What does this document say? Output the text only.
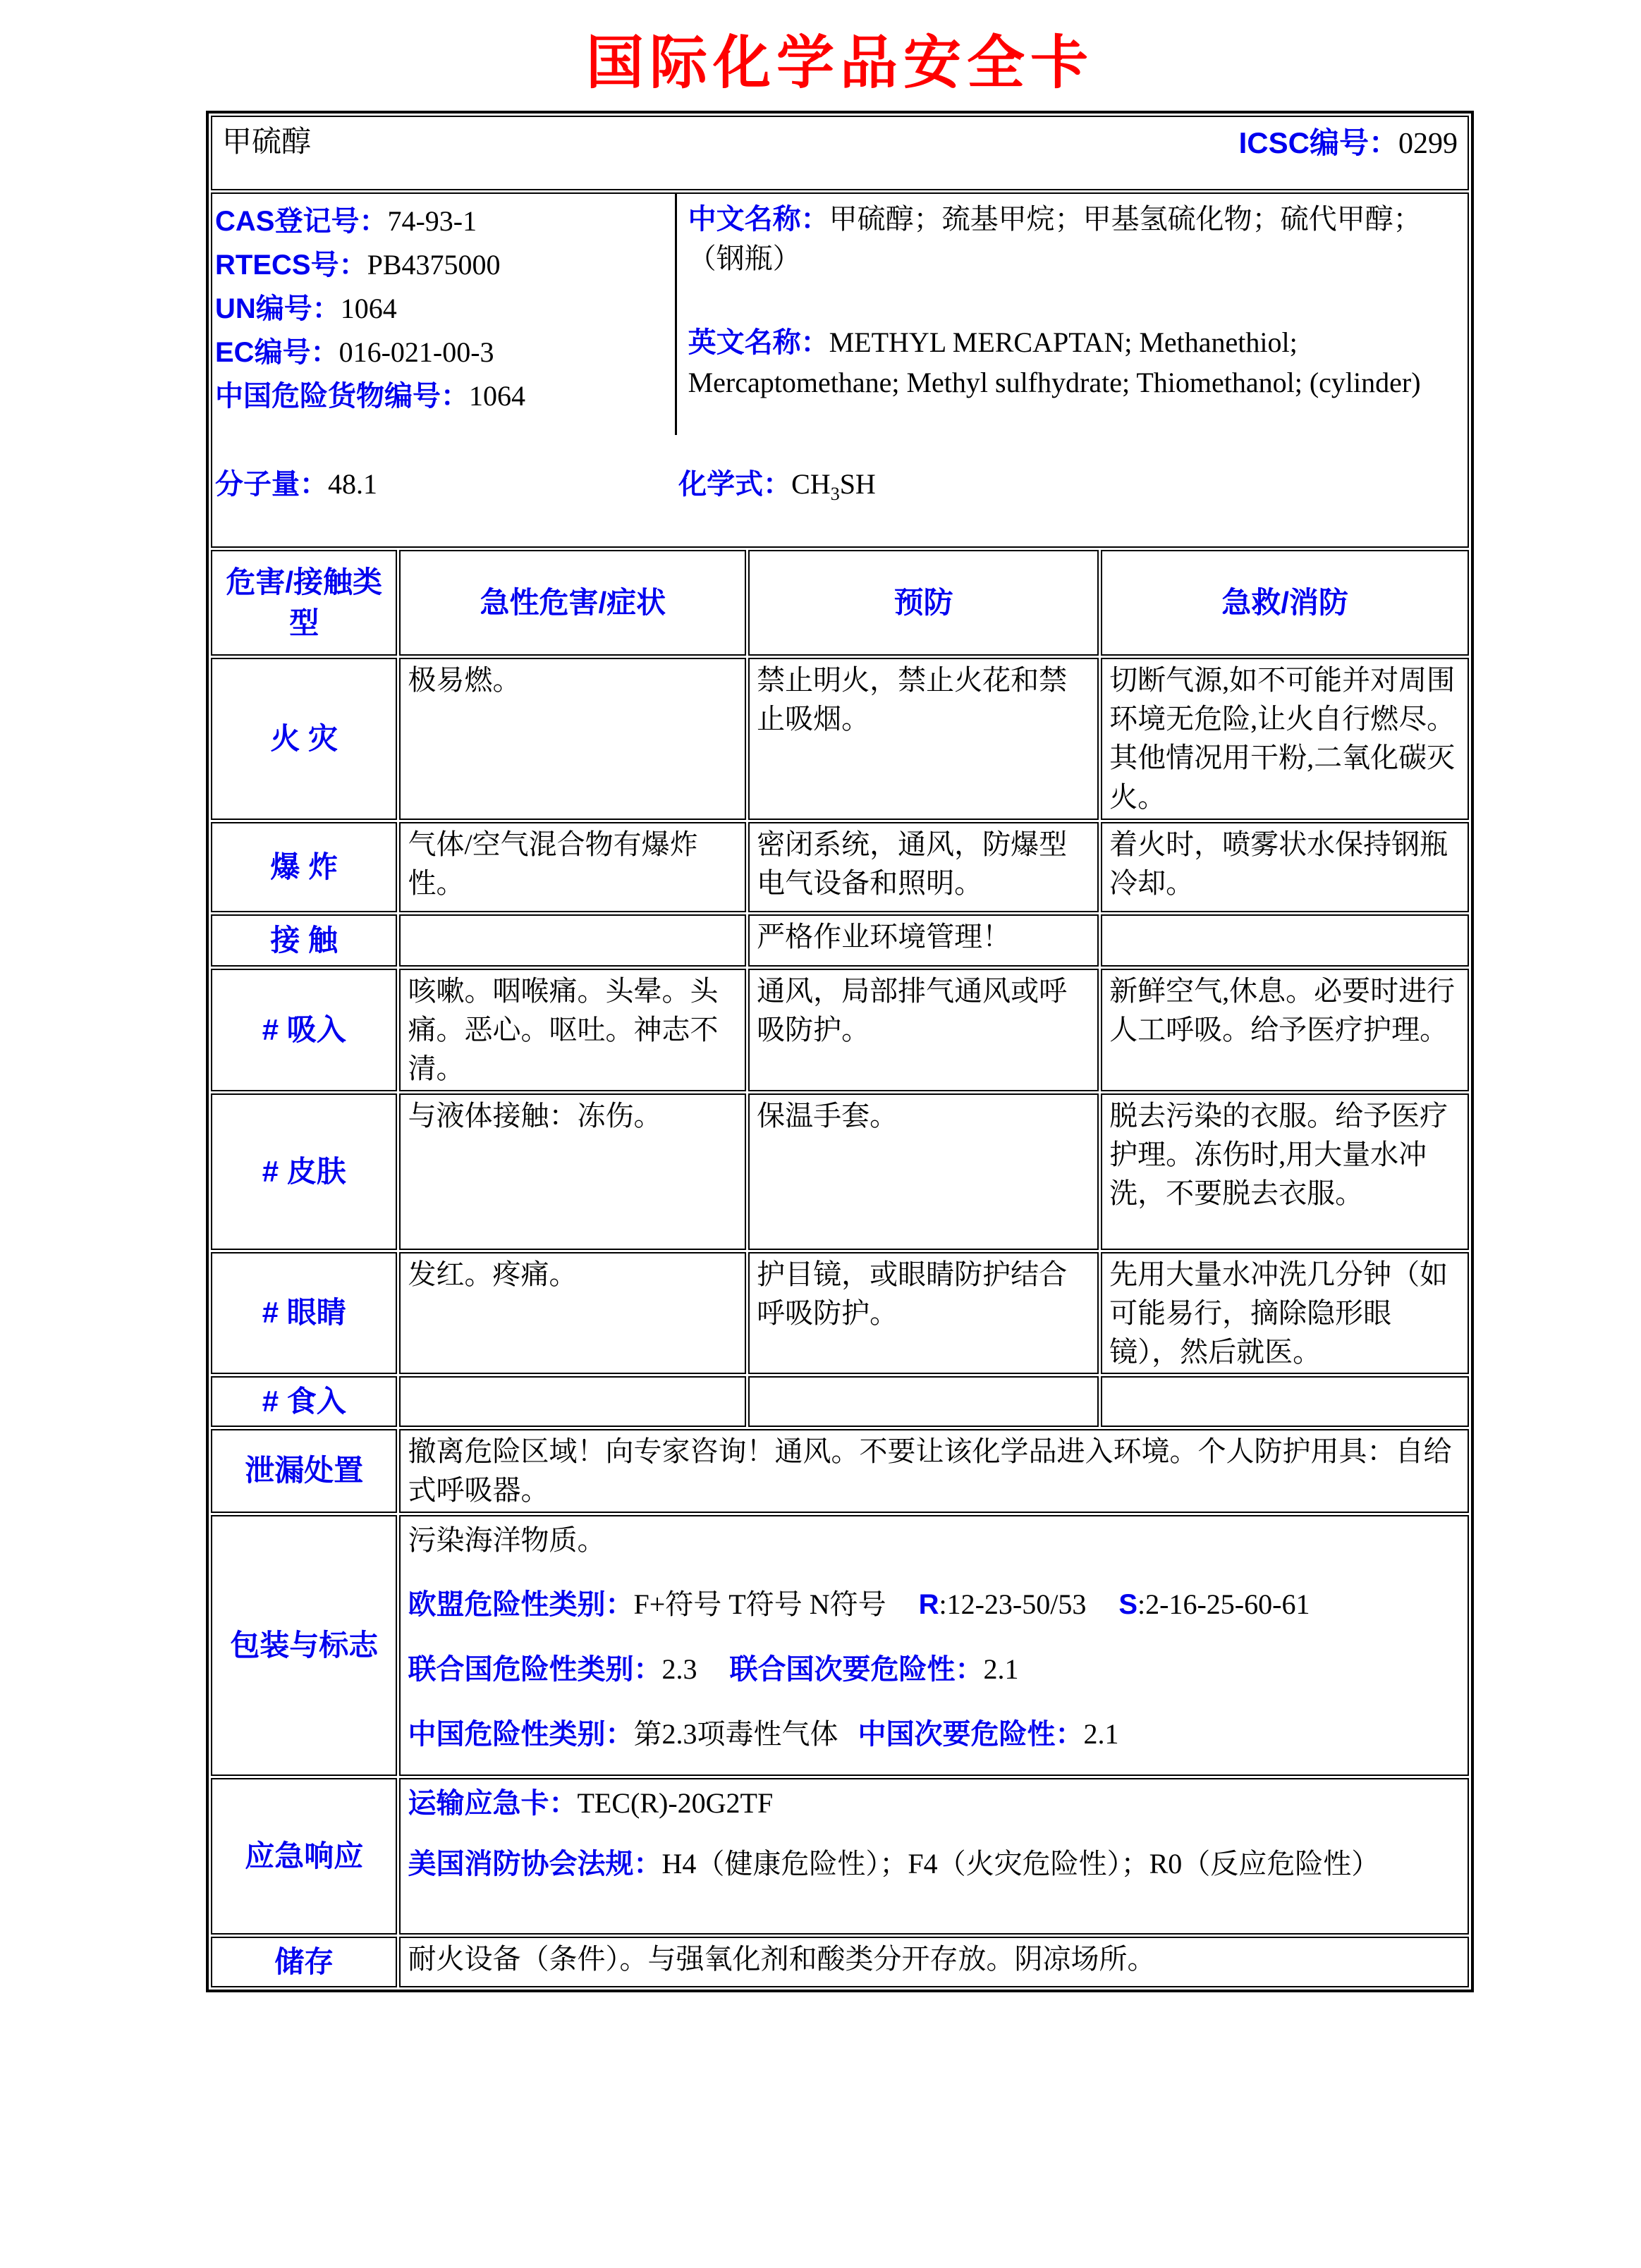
国际化学品安全卡
甲硫醇 ICSC编号：0299			

CAS登记号：74-93-1
RTECS号：PB4375000
UN编号：1064
EC编号：016-021-00-3
中国危险货物编号：1064

中文名称：甲硫醇；巯基甲烷；甲基氢硫化物；硫代甲醇；（钢瓶）

英文名称：METHYL MERCAPTAN; Methanethiol; Mercaptomethane; Methyl sulfhydrate; Thiomethanol; (cylinder)

分子量：48.1	化学式：$CH_3SH$

危害/接触类型	急性危害/症状	预防	急救/消防
火 灾	极易燃。	禁止明火，禁止火花和禁止吸烟。	切断气源,如不可能并对周围环境无危险,让火自行燃尽。其他情况用干粉,二氧化碳灭火。
爆 炸	气体/空气混合物有爆炸性。	密闭系统，通风，防爆型电气设备和照明。	着火时，喷雾状水保持钢瓶冷却。
接 触		严格作业环境管理！	
# 吸入	咳嗽。咽喉痛。头晕。头痛。恶心。呕吐。神志不清。	通风，局部排气通风或呼吸防护。	新鲜空气,休息。必要时进行人工呼吸。给予医疗护理。
# 皮肤	与液体接触：冻伤。	保温手套。	脱去污染的衣服。给予医疗护理。冻伤时,用大量水冲洗，不要脱去衣服。
# 眼睛	发红。疼痛。	护目镜，或眼睛防护结合呼吸防护。	先用大量水冲洗几分钟（如可能易行，摘除隐形眼镜），然后就医。
# 食入			
泄漏处置	撤离危险区域！向专家咨询！通风。不要让该化学品进入环境。个人防护用具：自给式呼吸器。		
包装与标志	污染海洋物质。

欧盟危险性类别：F+符号 T符号 N符号 R:12-23-50/53 S:2-16-25-60-61

联合国危险性类别：2.3 联合国次要危险性：2.1

中国危险性类别：第2.3项毒性气体 中国次要危险性：2.1		

应急响应	运输应急卡：TEC(R)-20G2TF

美国消防协会法规：H4（健康危险性）；F4（火灾危险性）；R0（反应危险性）		

储存	耐火设备（条件）。与强氧化剂和酸类分开存放。阴凉场所。		
